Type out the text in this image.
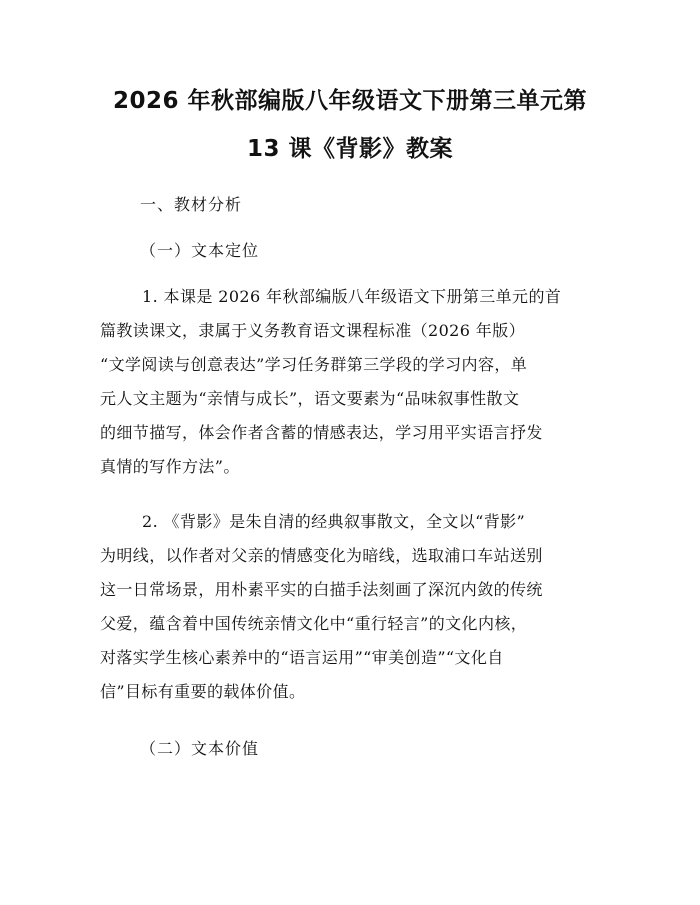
2026 年秋部编版八年级语文下册第三单元第
13 课《背影》教案
一、教材分析
（一）文本定位
1. 本课是 2026 年秋部编版八年级语文下册第三单元的首
篇教读课文，隶属于义务教育语文课程标准（2026 年版）
“文学阅读与创意表达”学习任务群第三学段的学习内容，单
元人文主题为“亲情与成长”，语文要素为“品味叙事性散文
的细节描写，体会作者含蓄的情感表达，学习用平实语言抒发
真情的写作方法”。
2. 《背影》是朱自清的经典叙事散文，全文以“背影”
为明线，以作者对父亲的情感变化为暗线，选取浦口车站送别
这一日常场景，用朴素平实的白描手法刻画了深沉内敛的传统
父爱，蕴含着中国传统亲情文化中“重行轻言”的文化内核，
对落实学生核心素养中的“语言运用”“审美创造”“文化自
信”目标有重要的载体价值。
（二）文本价值
